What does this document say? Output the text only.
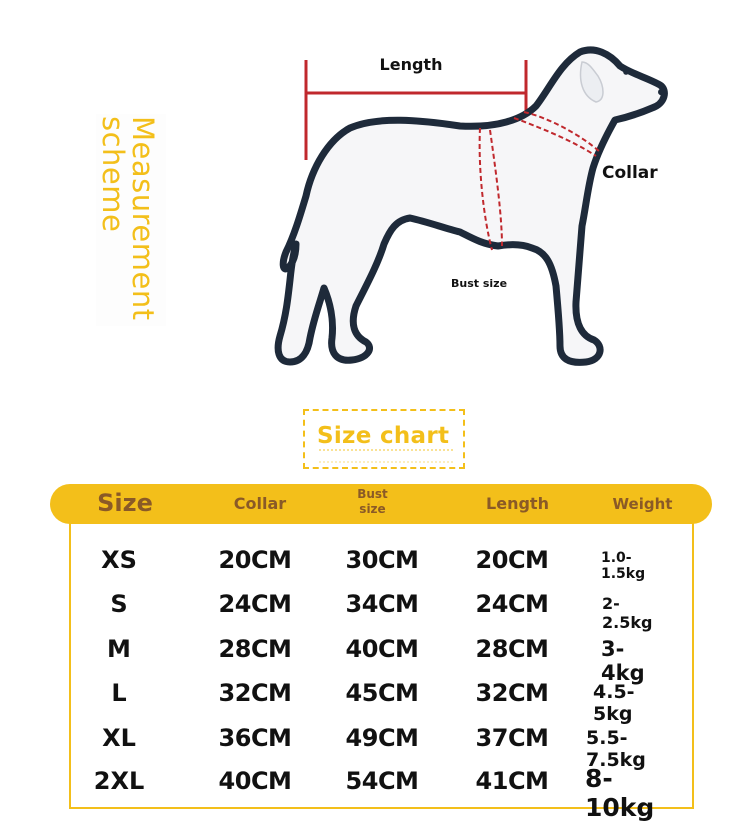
Measurement
scheme
Length
Collar
Bust size
Size chart
Size	Collar	Bust size	Length	Weight
XS	20CM	30CM	20CM	1.0-1.5kg
S	24CM	34CM	24CM	2-2.5kg
M	28CM	40CM	28CM	3-4kg
L	32CM	45CM	32CM	4.5-5kg
XL	36CM	49CM	37CM	5.5-7.5kg
2XL	40CM	54CM	41CM	8-10kg
